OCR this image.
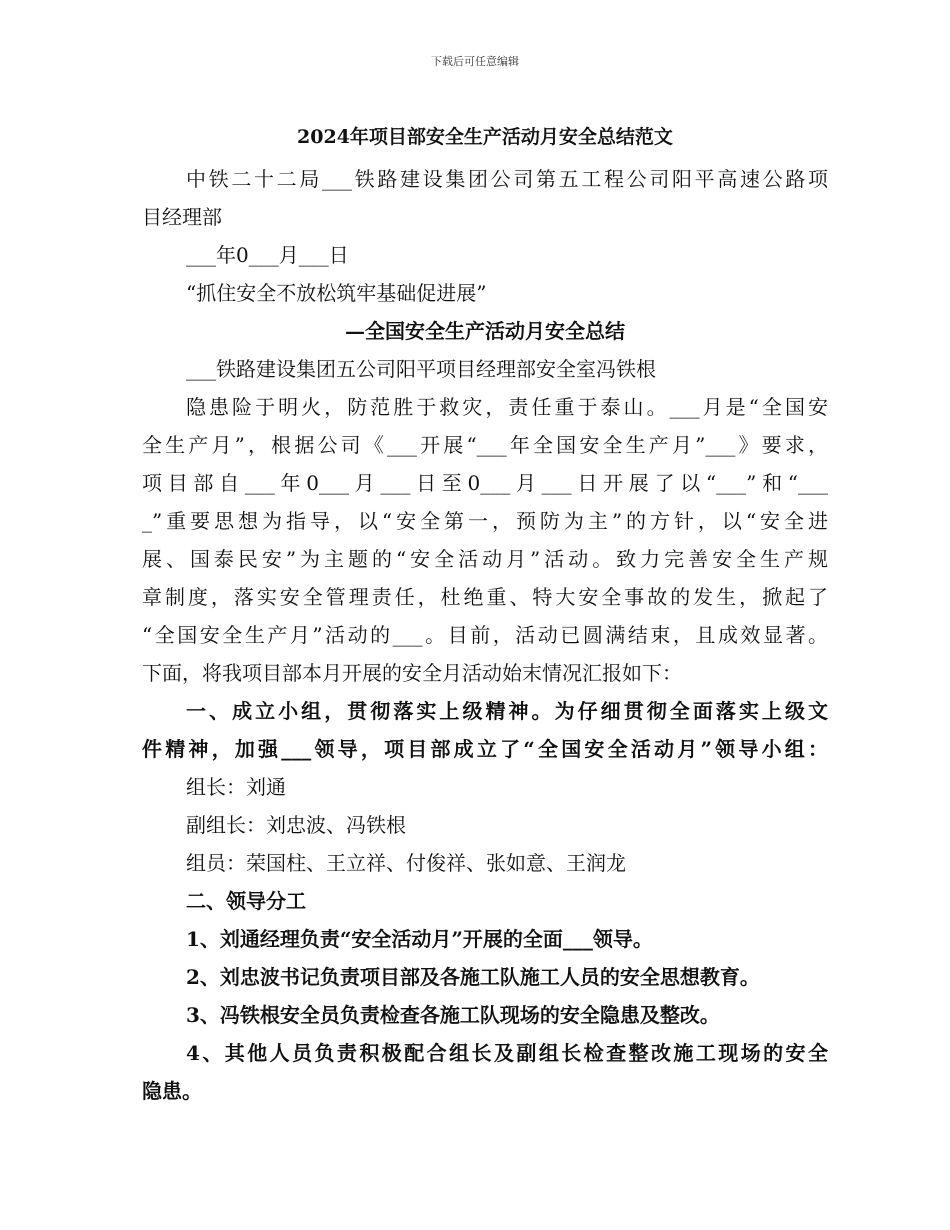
下载后可任意编辑

2024年项目部安全生产活动月安全总结范文

中铁二十二局___铁路建设集团公司第五工程公司阳平高速公路项

目经理部

___年0___月___日

“抓住安全不放松筑牢基础促进展”

—全国安全生产活动月安全总结

___铁路建设集团五公司阳平项目经理部安全室冯铁根

隐患险于明火，防范胜于救灾，责任重于泰山。___月是“全国安

全生产月”，根据公司《___开展“___年全国安全生产月”___》要求，

项目部自___年0___月___日至0___月___日开展了以“___”和“___

_”重要思想为指导，以“安全第一，预防为主”的方针，以“安全进

展、国泰民安”为主题的“安全活动月”活动。致力完善安全生产规

章制度，落实安全管理责任，杜绝重、特大安全事故的发生，掀起了

“全国安全生产月”活动的___。目前，活动已圆满结束，且成效显著。

下面，将我项目部本月开展的安全月活动始末情况汇报如下：

一、成立小组，贯彻落实上级精神。为仔细贯彻全面落实上级文

件精神，加强___领导，项目部成立了“全国安全活动月”领导小组：

组长：刘通

副组长：刘忠波、冯铁根

组员：荣国柱、王立祥、付俊祥、张如意、王润龙

二、领导分工

1、刘通经理负责“安全活动月”开展的全面___领导。

2、刘忠波书记负责项目部及各施工队施工人员的安全思想教育。

3、冯铁根安全员负责检查各施工队现场的安全隐患及整改。

4、其他人员负责积极配合组长及副组长检查整改施工现场的安全

隐患。
